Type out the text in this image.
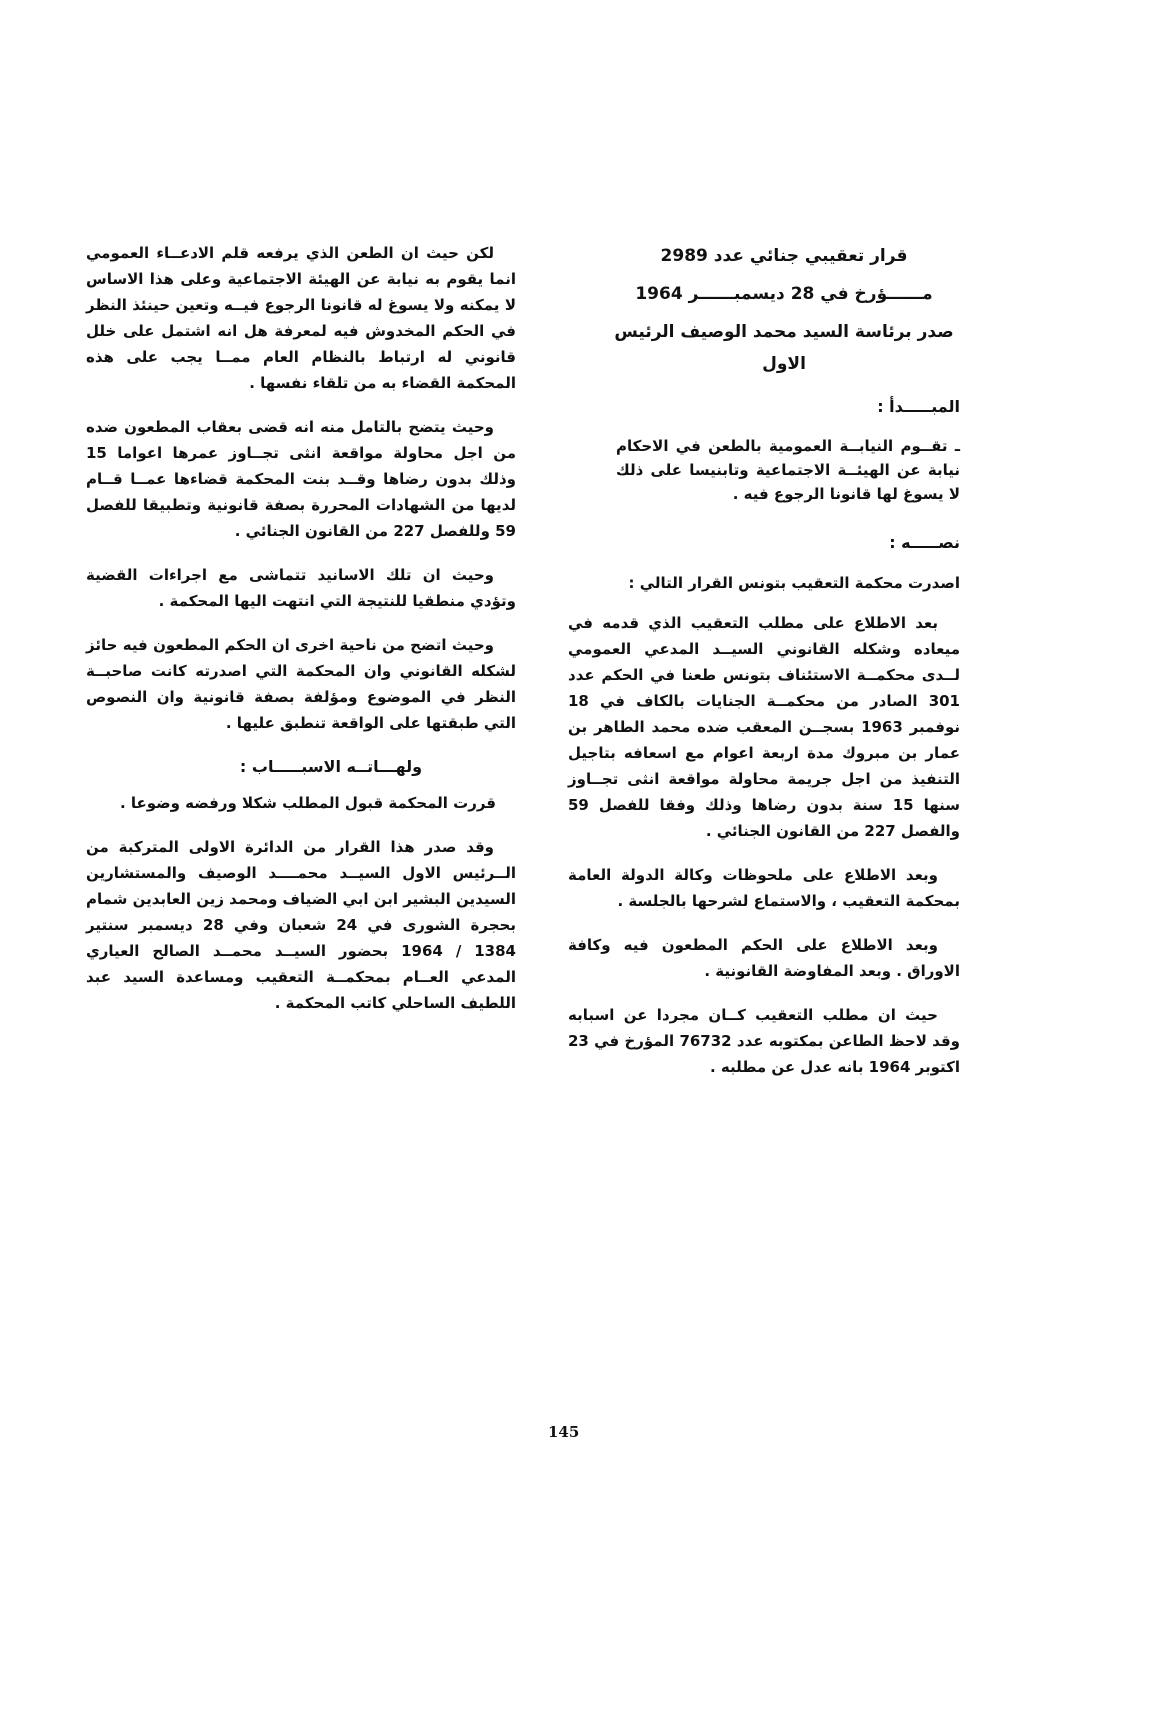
قرار تعقيبي جنائي عدد 2989
مــــــؤرخ في 28 ديسمبــــــر 1964
صدر برئاسة السيد محمد الوصيف الرئيس الاول
المبـــــدأ :
ـ تقــوم النيابــة العمومية بالطعن في الاحكام نيابة عن الهيئــة الاجتماعية وتابنيسا على ذلك لا يسوغ لها قانونا الرجوع فيه .
نصـــــه :
اصدرت محكمة التعقيب بتونس القرار التالي :

بعد الاطلاع على مطلب التعقيب الذي قدمه في ميعاده وشكله القانوني السيــد المدعي العمومي لــدى محكمــة الاستئناف بتونس طعنا في الحكم عدد 301 الصادر من محكمــة الجنايات بالكاف في 18 نوفمبر 1963 بسجــن المعقب ضده محمد الطاهر بن عمار بن مبروك مدة اربعة اعوام مع اسعافه بتاجيل التنفيذ من اجل جريمة محاولة مواقعة انثى تجــاوز سنها 15 سنة بدون رضاها وذلك وفقا للفصل 59 والفصل 227 من القانون الجنائي .

وبعد الاطلاع على ملحوظات وكالة الدولة العامة بمحكمة التعقيب ، والاستماع لشرحها بالجلسة .

وبعد الاطلاع على الحكم المطعون فيه وكافة الاوراق . وبعد المفاوضة القانونية .

حيث ان مطلب التعقيب كــان مجردا عن اسبابه وقد لاحظ الطاعن بمكتوبه عدد 76732 المؤرخ في 23 اكتوبر 1964 بانه عدل عن مطلبه .

لكن حيث ان الطعن الذي يرفعه قلم الادعــاء العمومي انما يقوم به نيابة عن الهيئة الاجتماعية وعلى هذا الاساس لا يمكنه ولا يسوغ له قانونا الرجوع فيــه وتعين حينئذ النظر في الحكم المخدوش فيه لمعرفة هل انه اشتمل على خلل قانوني له ارتباط بالنظام العام ممــا يجب على هذه المحكمة القضاء به من تلقاء نفسها .

وحيث يتضح بالتامل منه انه قضى بعقاب المطعون ضده من اجل محاولة مواقعة انثى تجــاوز عمرها اعواما 15 وذلك بدون رضاها وقــد بنت المحكمة قضاءها عمــا قــام لديها من الشهادات المحررة بصفة قانونية وتطبيقا للفصل 59 وللفصل 227 من القانون الجنائي .

وحيث ان تلك الاسانيد تتماشى مع اجراءات القضية وتؤدي منطقيا للنتيجة التي انتهت اليها المحكمة .

وحيث اتضح من ناحية اخرى ان الحكم المطعون فيه حائز لشكله القانوني وان المحكمة التي اصدرته كانت صاحبــة النظر في الموضوع ومؤلفة بصفة قانونية وان النصوص التي طبقتها على الواقعة تنطبق عليها .

ولهـــاتــه الاسبـــــاب :
قررت المحكمة قبول المطلب شكلا ورفضه وضوعا .

وقد صدر هذا القرار من الدائرة الاولى المتركبة من الــرئيس الاول السيــد محمــــد الوصيف والمستشارين السيدين البشير ابن ابي الضياف ومحمد زين العابدين شمام بحجرة الشورى في 24 شعبان وفي 28 ديسمبر سنتير 1384 / 1964 بحضور السيــد محمــد الصالح العياري المدعي العــام بمحكمــة التعقيب ومساعدة السيد عبد اللطيف الساحلي كاتب المحكمة .

145
